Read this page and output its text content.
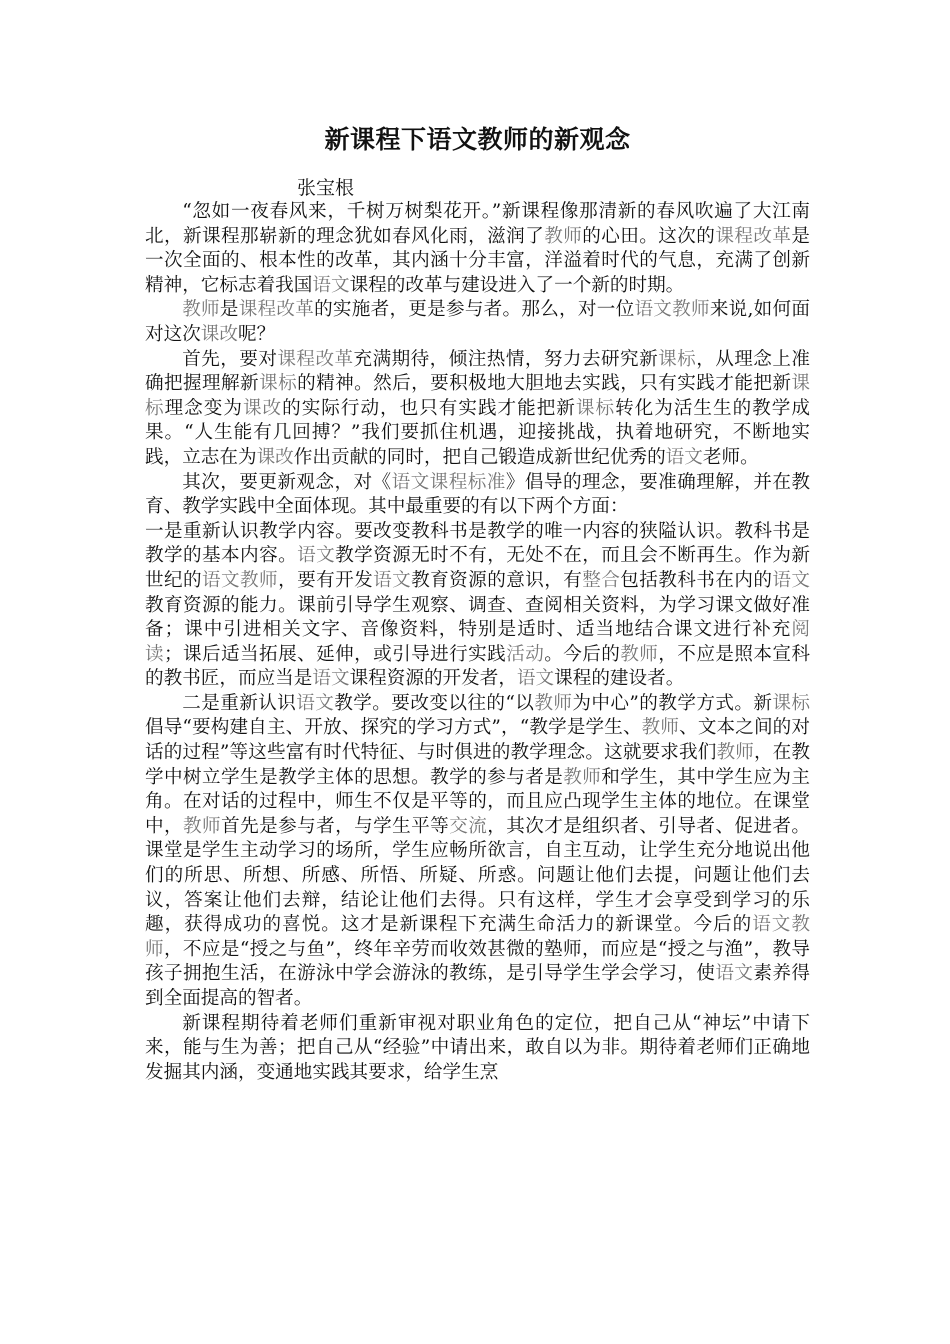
新课程下语文教师的新观念
张宝根

“忽如一夜春风来，千树万树梨花开。”新课程像那清新的春风吹遍了大江南北，新课程那崭新的理念犹如春风化雨，滋润了教师的心田。这次的课程改革是一次全面的、根本性的改革，其内涵十分丰富，洋溢着时代的气息，充满了创新精神，它标志着我国语文课程的改革与建设进入了一个新的时期。

教师是课程改革的实施者，更是参与者。那么，对一位语文教师来说,如何面对这次课改呢？

首先，要对课程改革充满期待，倾注热情，努力去研究新课标，从理念上准确把握理解新课标的精神。然后，要积极地大胆地去实践，只有实践才能把新课标理念变为课改的实际行动，也只有实践才能把新课标转化为活生生的教学成果。“人生能有几回搏？”我们要抓住机遇，迎接挑战，执着地研究，不断地实践，立志在为课改作出贡献的同时，把自己锻造成新世纪优秀的语文老师。

其次，要更新观念，对《语文课程标准》倡导的理念，要准确理解，并在教育、教学实践中全面体现。其中最重要的有以下两个方面：

一是重新认识教学内容。要改变教科书是教学的唯一内容的狭隘认识。教科书是教学的基本内容。语文教学资源无时不有，无处不在，而且会不断再生。作为新世纪的语文教师，要有开发语文教育资源的意识，有整合包括教科书在内的语文教育资源的能力。课前引导学生观察、调查、查阅相关资料，为学习课文做好准备；课中引进相关文字、音像资料，特别是适时、适当地结合课文进行补充阅读；课后适当拓展、延伸，或引导进行实践活动。今后的教师，不应是照本宣科的教书匠，而应当是语文课程资源的开发者，语文课程的建设者。

二是重新认识语文教学。要改变以往的“以教师为中心”的教学方式。新课标倡导“要构建自主、开放、探究的学习方式”，“教学是学生、教师、文本之间的对话的过程”等这些富有时代特征、与时俱进的教学理念。这就要求我们教师，在教学中树立学生是教学主体的思想。教学的参与者是教师和学生，其中学生应为主角。在对话的过程中，师生不仅是平等的，而且应凸现学生主体的地位。在课堂中，教师首先是参与者，与学生平等交流，其次才是组织者、引导者、促进者。课堂是学生主动学习的场所，学生应畅所欲言，自主互动，让学生充分地说出他们的所思、所想、所感、所悟、所疑、所惑。问题让他们去提，问题让他们去议，答案让他们去辩，结论让他们去得。只有这样，学生才会享受到学习的乐趣，获得成功的喜悦。这才是新课程下充满生命活力的新课堂。今后的语文教师，不应是“授之与鱼”，终年辛劳而收效甚微的塾师，而应是“授之与渔”，教导孩子拥抱生活，在游泳中学会游泳的教练，是引导学生学会学习，使语文素养得到全面提高的智者。

新课程期待着老师们重新审视对职业角色的定位，把自己从“神坛”中请下来，能与生为善；把自己从“经验”中请出来，敢自以为非。期待着老师们正确地发掘其内涵，变通地实践其要求，给学生烹
